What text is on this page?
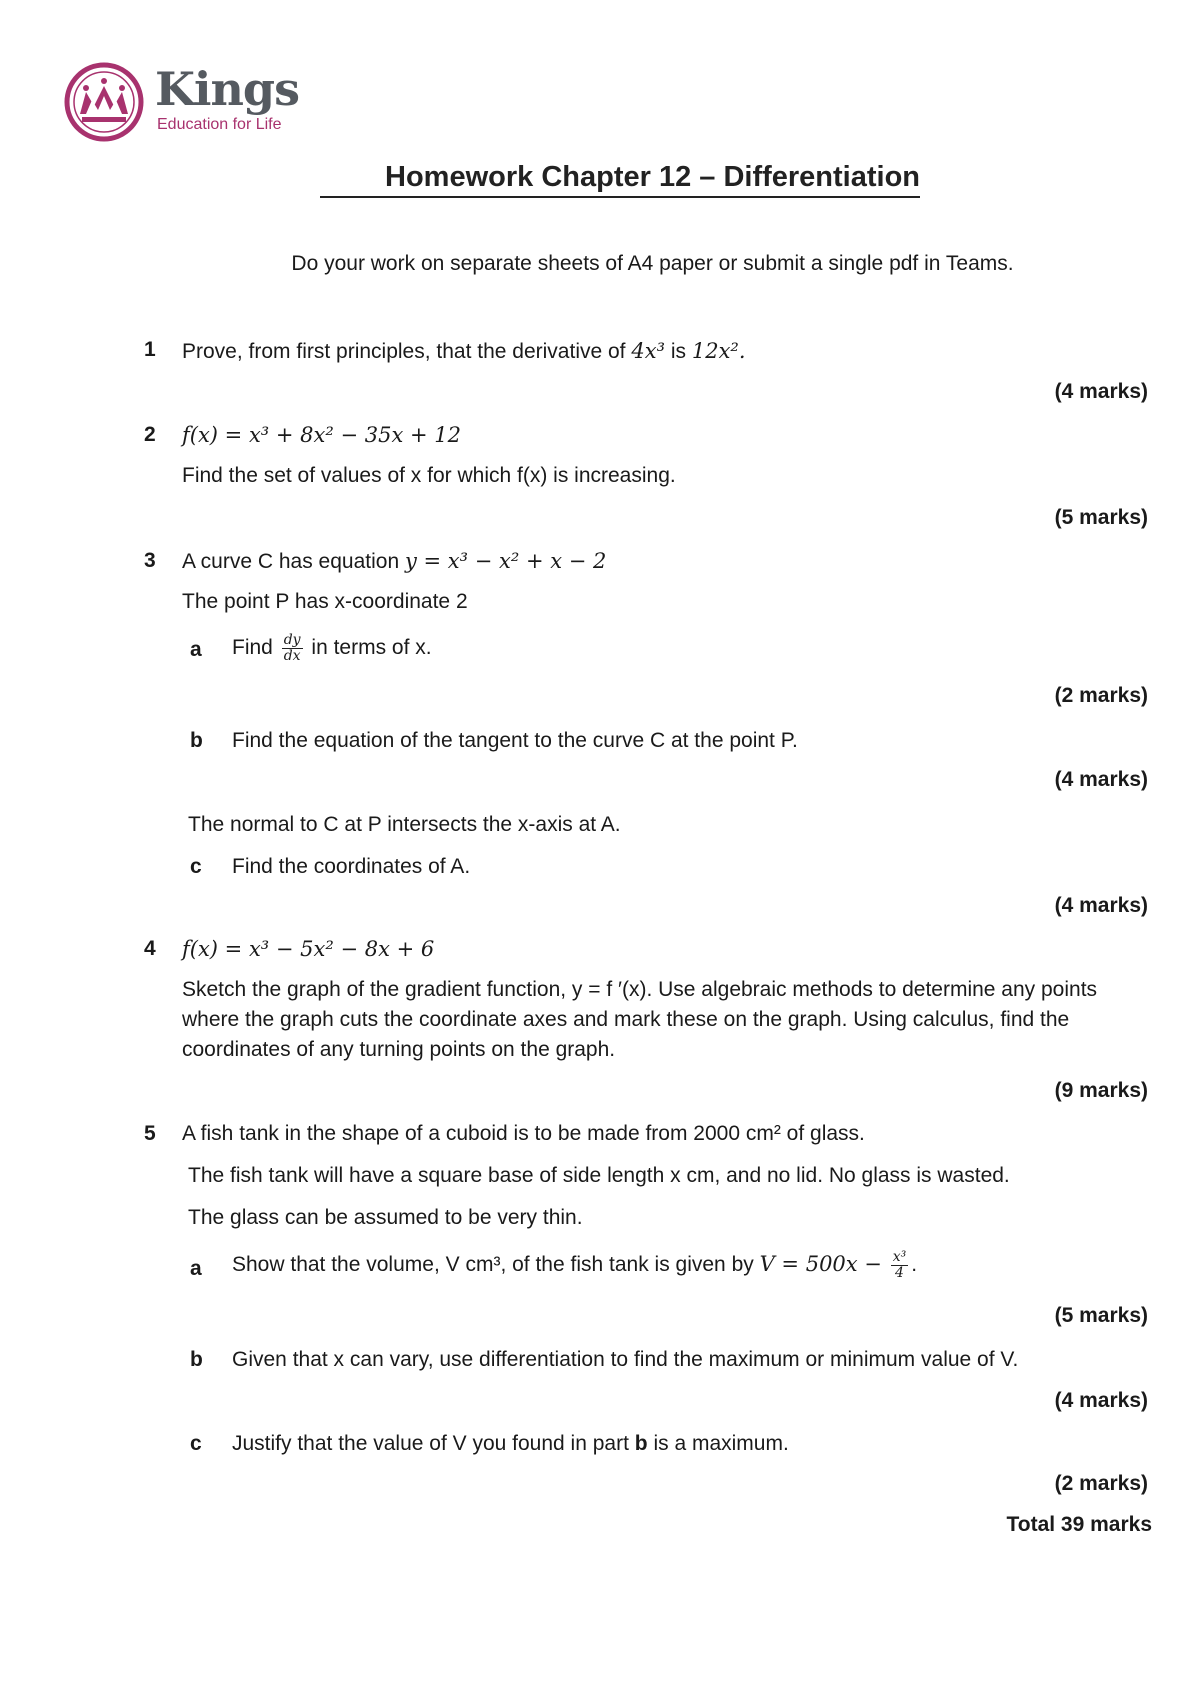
Kings
Education for Life
Homework Chapter 12 – Differentiation
Do your work on separate sheets of A4 paper or submit a single pdf in Teams.
1 Prove, from first principles, that the derivative of 4x³ is 12x².
(4 marks)
2 f(x) = x³ + 8x² − 35x + 12
Find the set of values of x for which f(x) is increasing.
(5 marks)
3 A curve C has equation y = x³ − x² + x − 2
The point P has x-coordinate 2
a Find $\frac{dy}{dx}$ in terms of x.
(2 marks)
b Find the equation of the tangent to the curve C at the point P.
(4 marks)
The normal to C at P intersects the x-axis at A.
c Find the coordinates of A.
(4 marks)
4 f(x) = x³ − 5x² − 8x + 6
Sketch the graph of the gradient function, y = f ′(x). Use algebraic methods to determine any points where the graph cuts the coordinate axes and mark these on the graph. Using calculus, find the coordinates of any turning points on the graph.
(9 marks)
5 A fish tank in the shape of a cuboid is to be made from 2000 cm² of glass.
The fish tank will have a square base of side length x cm, and no lid. No glass is wasted.
The glass can be assumed to be very thin.
a Show that the volume, V cm³, of the fish tank is given by $V = 500x - \frac{\text{x³}}{4}$ .
(5 marks)
b Given that x can vary, use differentiation to find the maximum or minimum value of V.
(4 marks)
c Justify that the value of V you found in part b is a maximum.
(2 marks)
Total 39 marks
